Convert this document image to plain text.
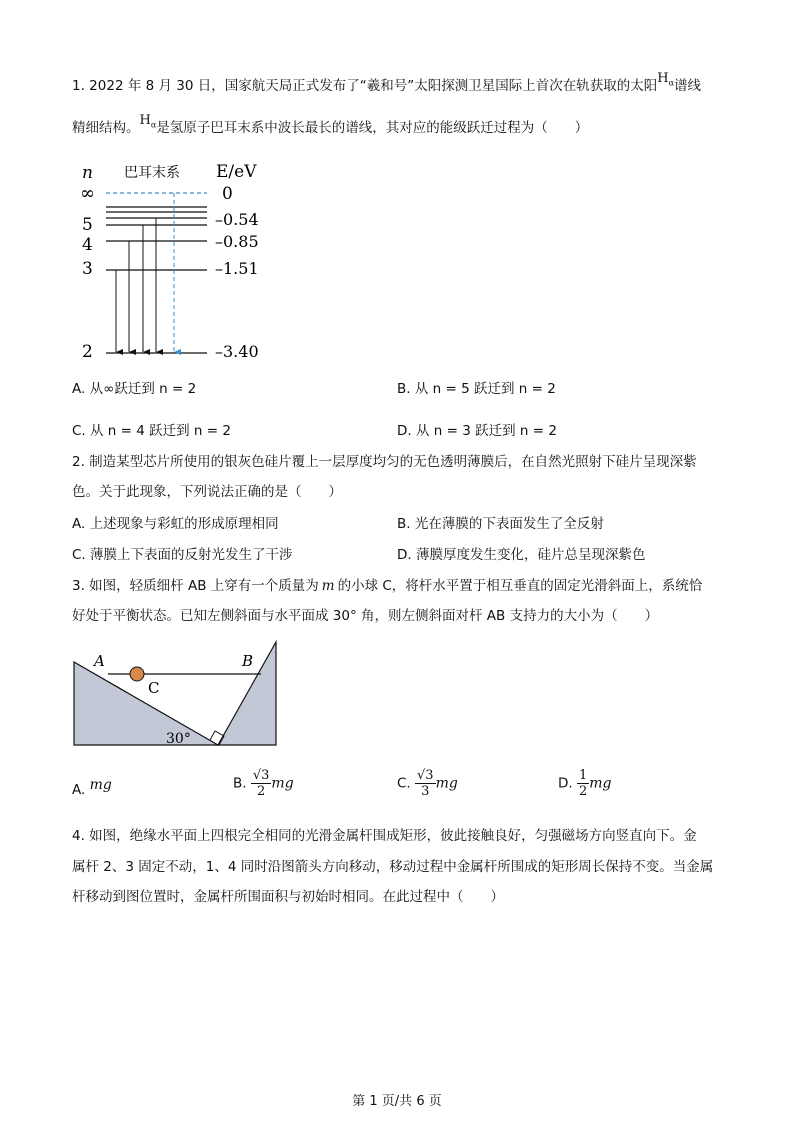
1. 2022 年 8 月 30 日，国家航天局正式发布了“羲和号”太阳探测卫星国际上首次在轨获取的太阳$H_\alpha$谱线
精细结构。$H_\alpha$是氢原子巴耳末系中波长最长的谱线，其对应的能级跃迁过程为（　　）
n 巴耳末系 E/eV
∞
5
4
3
2
0
–0.54
–0.85
–1.51
–3.40
A. 从∞跃迁到 n = 2	B. 从 n = 5 跃迁到 n = 2
C. 从 n = 4 跃迁到 n = 2	D. 从 n = 3 跃迁到 n = 2
2. 制造某型芯片所使用的银灰色硅片覆上一层厚度均匀的无色透明薄膜后，在自然光照射下硅片呈现深紫
色。关于此现象，下列说法正确的是（　　）
A. 上述现象与彩虹的形成原理相同	B. 光在薄膜的下表面发生了全反射
C. 薄膜上下表面的反射光发生了干涉	D. 薄膜厚度发生变化，硅片总呈现深紫色
3. 如图，轻质细杆 AB 上穿有一个质量为 m 的小球 C，将杆水平置于相互垂直的固定光滑斜面上，系统恰
好处于平衡状态。已知左侧斜面与水平面成 30° 角，则左侧斜面对杆 AB 支持力的大小为（　　）
A	B
C
30°
A. mg	B. $\frac{√3}{2}$ mg	C. $\frac{√3}{3}$ mg	D. $\frac{1}{2}$ mg
4. 如图，绝缘水平面上四根完全相同的光滑金属杆围成矩形，彼此接触良好，匀强磁场方向竖直向下。金
属杆 2、3 固定不动，1、4 同时沿图箭头方向移动，移动过程中金属杆所围成的矩形周长保持不变。当金属
杆移动到图位置时，金属杆所围面积与初始时相同。在此过程中（　　）
第 1 页/共 6 页
